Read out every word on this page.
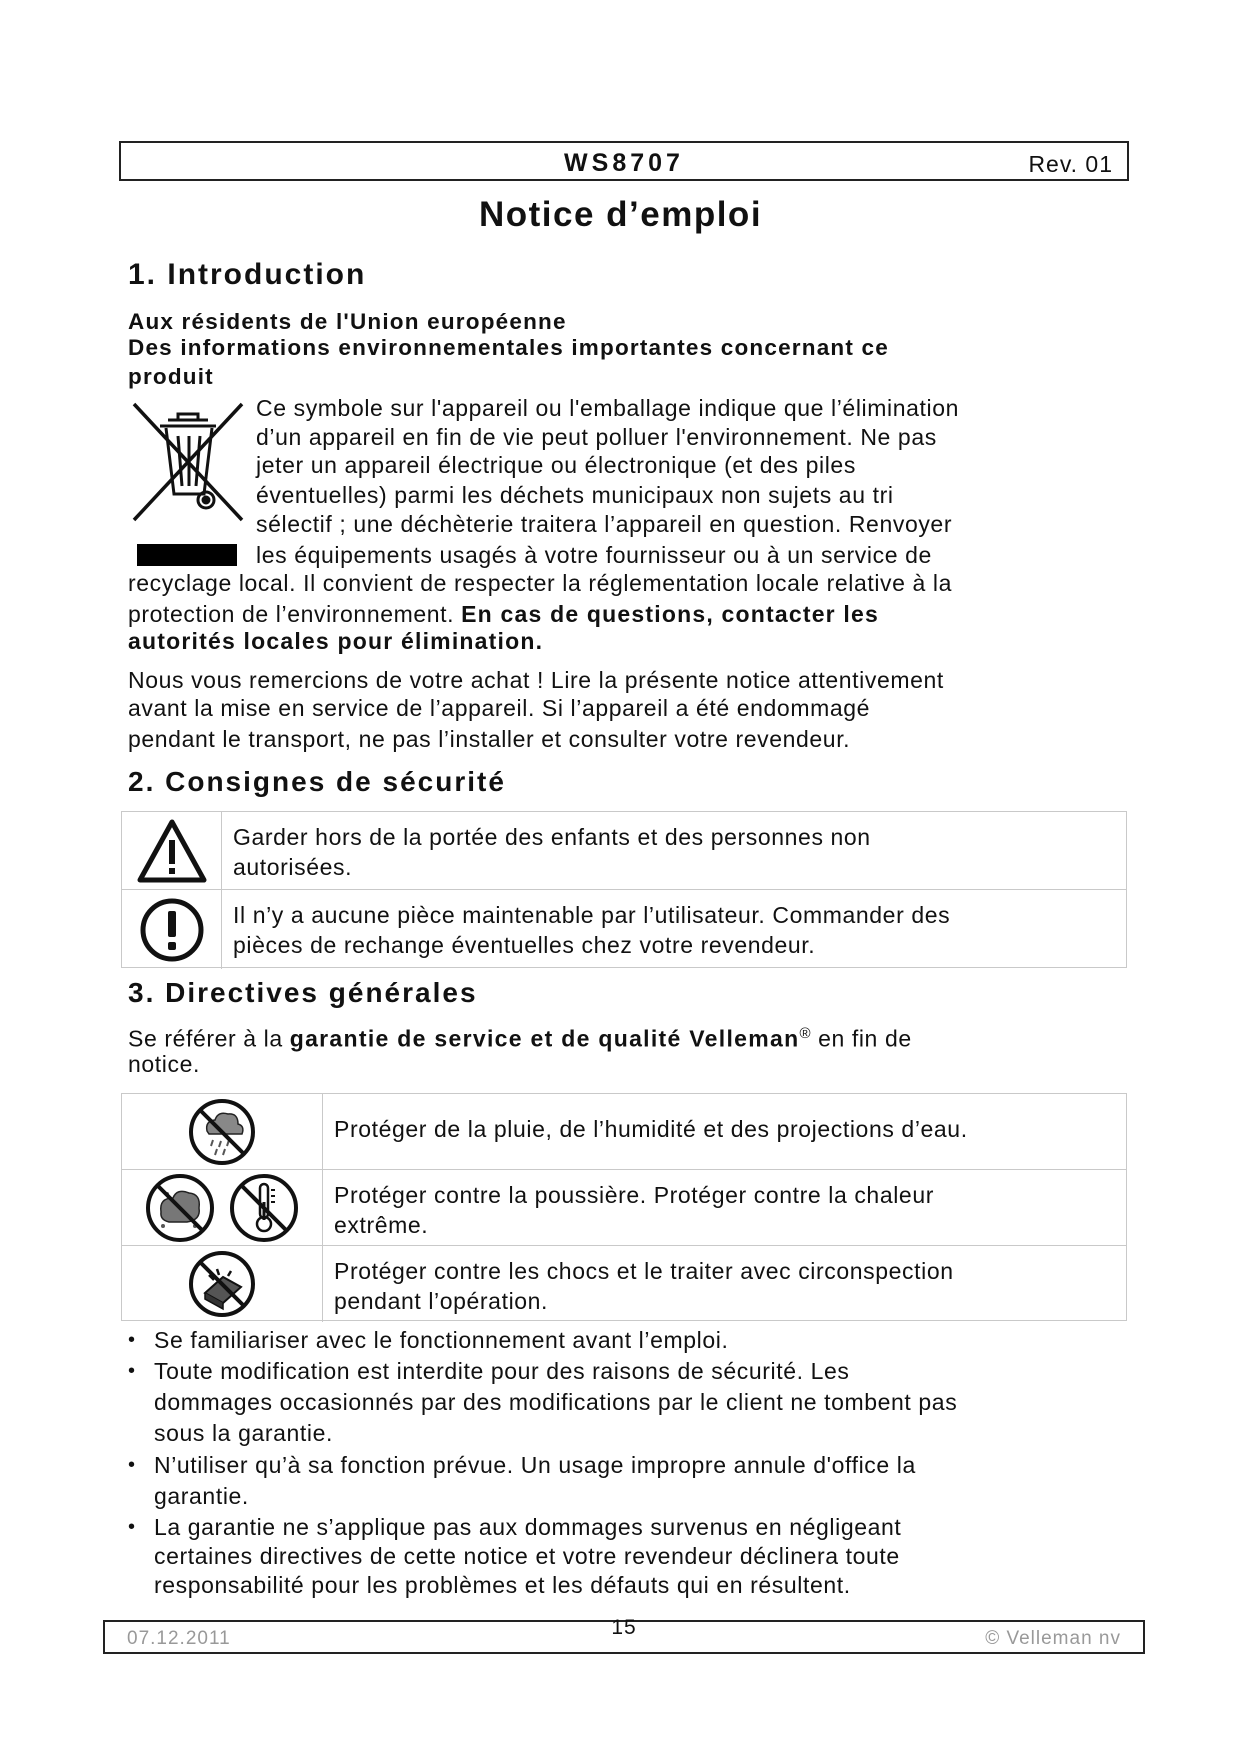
WS8707	Rev. 01
Notice d’emploi
1. Introduction
Aux résidents de l'Union européenne
Des informations environnementales importantes concernant ce
produit
Ce symbole sur l'appareil ou l'emballage indique que l’élimination
d’un appareil en fin de vie peut polluer l'environnement. Ne pas
jeter un appareil électrique ou électronique (et des piles
éventuelles) parmi les déchets municipaux non sujets au tri
sélectif ; une déchèterie traitera l’appareil en question. Renvoyer
les équipements usagés à votre fournisseur ou à un service de
recyclage local. Il convient de respecter la réglementation locale relative à la
protection de l’environnement. En cas de questions, contacter les
autorités locales pour élimination.
Nous vous remercions de votre achat ! Lire la présente notice attentivement
avant la mise en service de l’appareil. Si l’appareil a été endommagé
pendant le transport, ne pas l’installer et consulter votre revendeur.
2. Consignes de sécurité
Garder hors de la portée des enfants et des personnes non
autorisées.
Il n’y a aucune pièce maintenable par l’utilisateur. Commander des
pièces de rechange éventuelles chez votre revendeur.
3. Directives générales
Se référer à la garantie de service et de qualité Velleman® en fin de
notice.
Protéger de la pluie, de l’humidité et des projections d’eau.
Protéger contre la poussière. Protéger contre la chaleur
extrême.
Protéger contre les chocs et le traiter avec circonspection
pendant l’opération.
• Se familiariser avec le fonctionnement avant l’emploi.
• Toute modification est interdite pour des raisons de sécurité. Les
dommages occasionnés par des modifications par le client ne tombent pas
sous la garantie.
• N’utiliser qu’à sa fonction prévue. Un usage impropre annule d'office la
garantie.
• La garantie ne s’applique pas aux dommages survenus en négligeant
certaines directives de cette notice et votre revendeur déclinera toute
responsabilité pour les problèmes et les défauts qui en résultent.
07.12.2011	15	© Velleman nv
